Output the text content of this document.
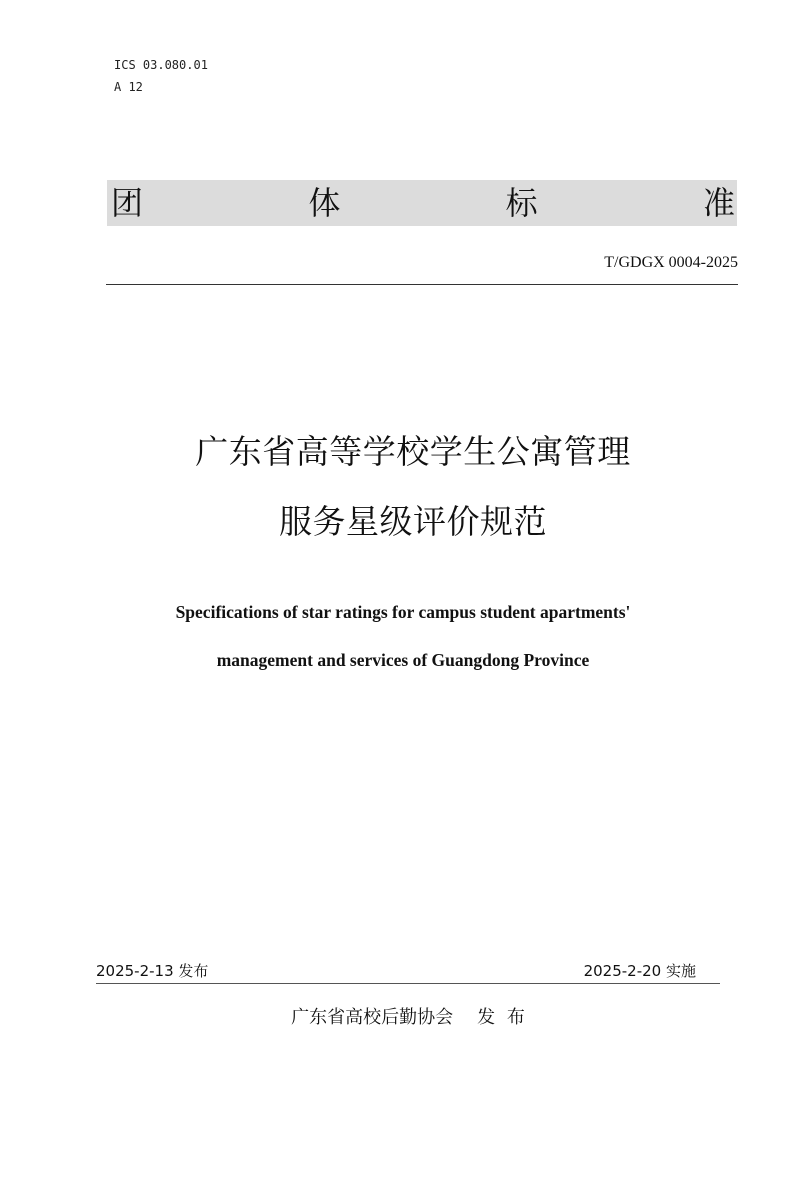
ICS 03.080.01
A 12
团	体	标	准
T/GDGX 0004-2025
广东省高等学校学生公寓管理
服务星级评价规范
Specifications of star ratings for campus student apartments'
management and services of Guangdong Province
2025-2-13 发布	2025-2-20 实施
广东省高校后勤协会 发 布
